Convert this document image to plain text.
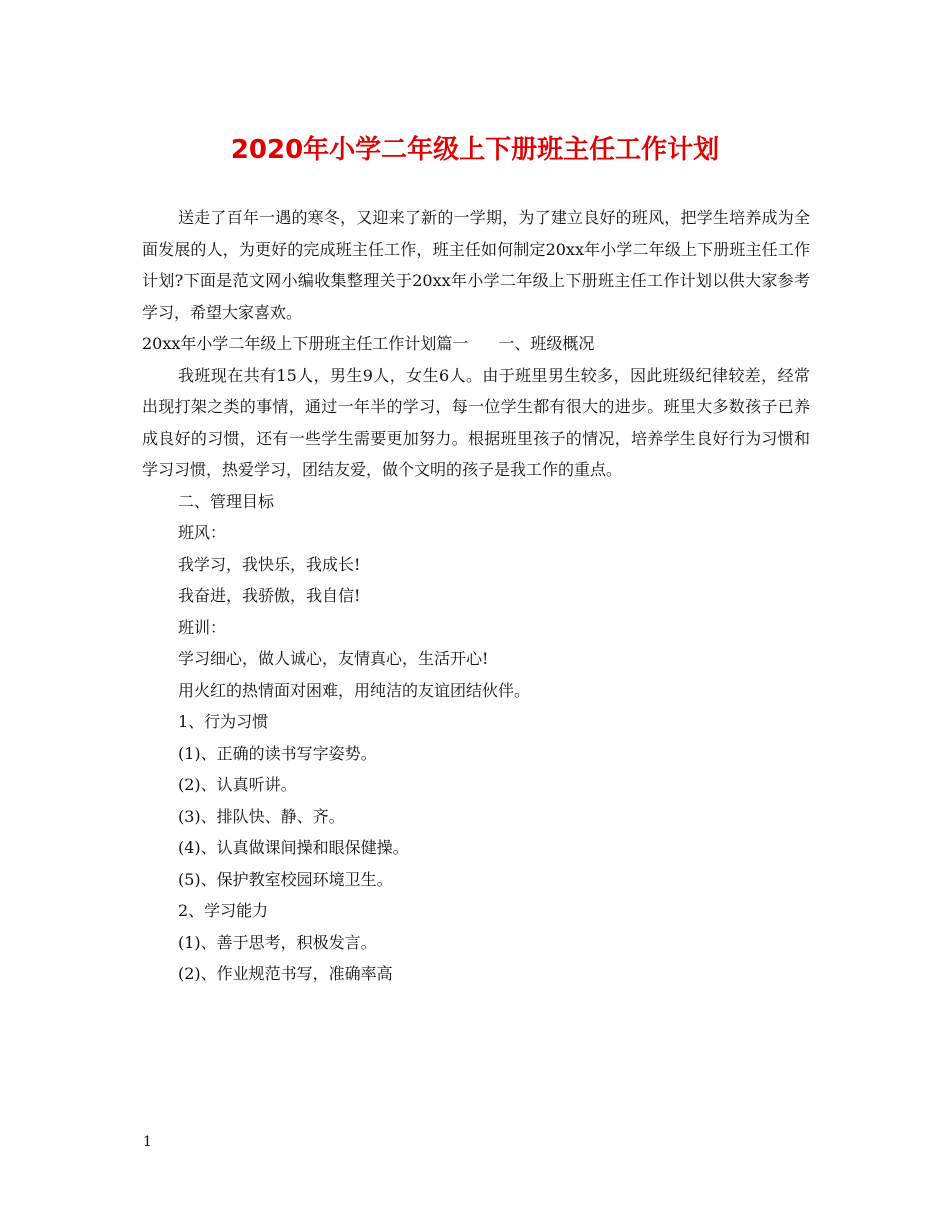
2020年小学二年级上下册班主任工作计划

送走了百年一遇的寒冬，又迎来了新的一学期，为了建立良好的班风，把学生培养成为全面发展的人，为更好的完成班主任工作，班主任如何制定20xx年小学二年级上下册班主任工作计划?下面是范文网小编收集整理关于20xx年小学二年级上下册班主任工作计划以供大家参考学习，希望大家喜欢。

20xx年小学二年级上下册班主任工作计划篇一 一、班级概况

我班现在共有15人，男生9人，女生6人。由于班里男生较多，因此班级纪律较差，经常出现打架之类的事情，通过一年半的学习，每一位学生都有很大的进步。班里大多数孩子已养成良好的习惯，还有一些学生需要更加努力。根据班里孩子的情况，培养学生良好行为习惯和学习习惯，热爱学习，团结友爱，做个文明的孩子是我工作的重点。

二、管理目标

班风：

我学习，我快乐，我成长!

我奋进，我骄傲，我自信!

班训：

学习细心，做人诚心，友情真心，生活开心!

用火红的热情面对困难，用纯洁的友谊团结伙伴。

1、行为习惯

(1)、正确的读书写字姿势。

(2)、认真听讲。

(3)、排队快、静、齐。

(4)、认真做课间操和眼保健操。

(5)、保护教室校园环境卫生。

2、学习能力

(1)、善于思考，积极发言。

(2)、作业规范书写，准确率高

1
